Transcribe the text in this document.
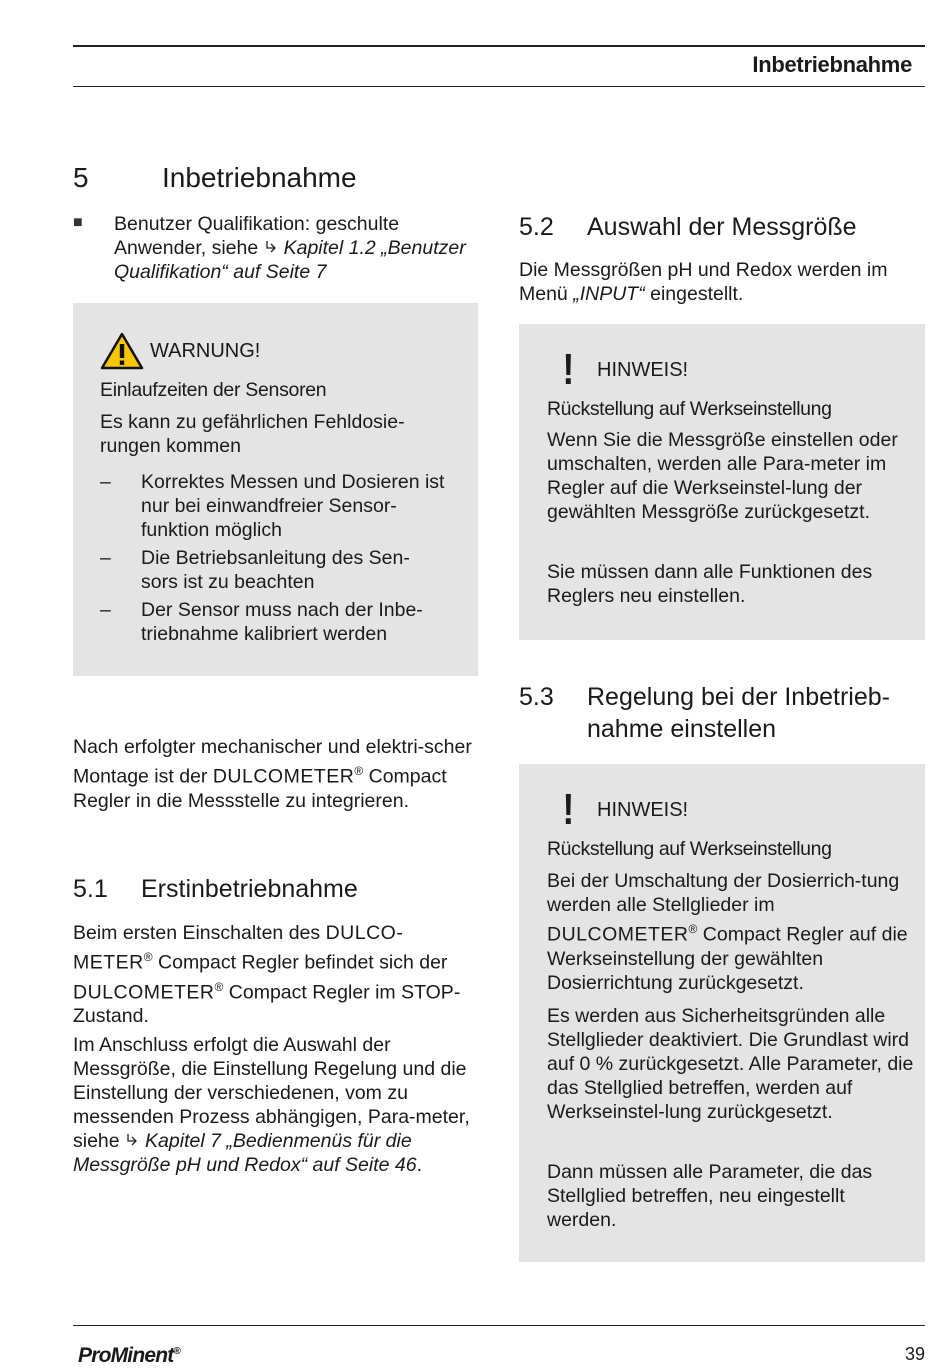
Inbetriebnahme
5	Inbetriebnahme
■	Benutzer Qualifikation: geschulte Anwender, siehe Kapitel 1.2 „Benutzer Qualifikation“ auf Seite 7
WARNUNG!
Einlaufzeiten der Sensoren
Es kann zu gefährlichen Fehldosie-rungen kommen
– Korrektes Messen und Dosieren ist nur bei einwandfreier Sensor-funktion möglich
– Die Betriebsanleitung des Sen-sors ist zu beachten
– Der Sensor muss nach der Inbe-triebnahme kalibriert werden
Nach erfolgter mechanischer und elektri-scher Montage ist der DULCOMETER® Compact Regler in die Messstelle zu integrieren.
5.1 Erstinbetriebnahme
Beim ersten Einschalten des DULCO-METER® Compact Regler befindet sich der DULCOMETER® Compact Regler im STOP-Zustand.
Im Anschluss erfolgt die Auswahl der Messgröße, die Einstellung Regelung und die Einstellung der verschiedenen, vom zu messenden Prozess abhängigen, Para-meter, siehe Kapitel 7 „Bedienmenüs für die Messgröße pH und Redox“ auf Seite 46.
5.2 Auswahl der Messgröße
Die Messgrößen pH und Redox werden im Menü „INPUT“ eingestellt.
! HINWEIS!
Rückstellung auf Werkseinstellung
Wenn Sie die Messgröße einstellen oder umschalten, werden alle Para-meter im Regler auf die Werkseinstel-lung der gewählten Messgröße zurückgesetzt.
Sie müssen dann alle Funktionen des Reglers neu einstellen.
5.3 Regelung bei der Inbetrieb-
nahme einstellen
! HINWEIS!
Rückstellung auf Werkseinstellung
Bei der Umschaltung der Dosierrich-tung werden alle Stellglieder im DULCOMETER® Compact Regler auf die Werkseinstellung der gewählten Dosierrichtung zurückgesetzt.
Es werden aus Sicherheitsgründen alle Stellglieder deaktiviert. Die Grundlast wird auf 0 % zurückgesetzt. Alle Parameter, die das Stellglied betreffen, werden auf Werkseinstel-lung zurückgesetzt.
Dann müssen alle Parameter, die das Stellglied betreffen, neu eingestellt werden.
ProMinent®	39
